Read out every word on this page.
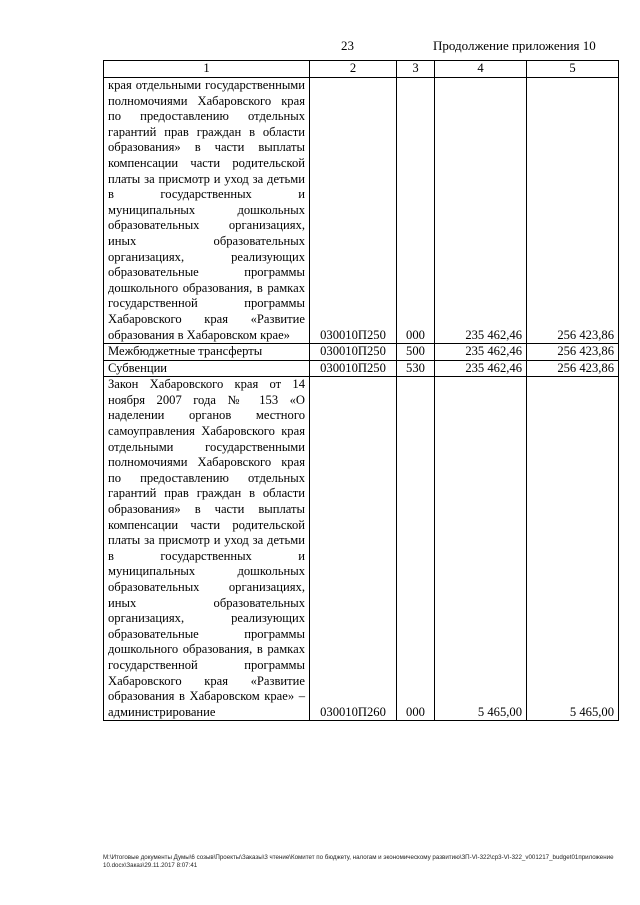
23	Продолжение приложения 10
1	2	3	4	5
края отдельными государственными полномочиями Хабаровского края по предоставлению отдельных гарантий прав граждан в области образования» в части выплаты компенсации части родительской платы за присмотр и уход за детьми в государственных и муниципальных дошкольных образовательных организациях, иных образовательных организациях, реализующих образовательные программы дошкольного образования, в рамках государственной программы Хабаровского края «Развитие образования в Хабаровском крае»	030010П250	000	235 462,46	256 423,86
Межбюджетные трансферты	030010П250	500	235 462,46	256 423,86
Субвенции	030010П250	530	235 462,46	256 423,86
Закон Хабаровского края от 14 ноября 2007 года № 153 «О наделении органов местного самоуправления Хабаровского края отдельными государственными полномочиями Хабаровского края по предоставлению отдельных гарантий прав граждан в области образования» в части выплаты компенсации части родительской платы за присмотр и уход за детьми в государственных и муниципальных дошкольных образовательных организациях, иных образовательных организациях, реализующих образовательные программы дошкольного образования, в рамках государственной программы Хабаровского края «Развитие образования в Хабаровском крае» – администрирование	030010П260	000	5 465,00	5 465,00
М:\Итоговые документы Думы\6 созыв\Проекты\Заказы\3 чтение\Комитет по бюджету, налогам и экономическому развитию\ЗП-VI-322\ср3-VI-322_v001217_budget01приложение 10.docx\Заказ\29.11.2017 8:07:41
